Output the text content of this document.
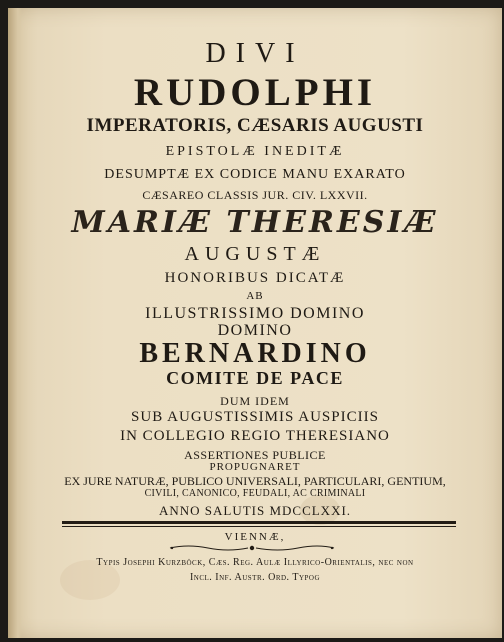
DIVI
RUDOLPHI
IMPERATORIS, CÆSARIS AUGUSTI
EPISTOLÆ INEDITÆ
DESUMPTÆ EX CODICE MANU EXARATO
CÆSAREO CLASSIS JUR. CIV. LXXVII.
MARIÆ THERESIÆ
AUGUSTÆ
HONORIBUS DICATÆ
AB
ILLUSTRISSIMO DOMINO
DOMINO
BERNARDINO
COMITE DE PACE
DUM IDEM
SUB AUGUSTISSIMIS AUSPICIIS
IN COLLEGIO REGIO THERESIANO
ASSERTIONES PUBLICE
PROPUGNARET
EX JURE NATURÆ, PUBLICO UNIVERSALI, PARTICULARI, GENTIUM,
CIVILI, CANONICO, FEUDALI, AC CRIMINALI
ANNO SALUTIS MDCCLXXI.
VIENNÆ,
Typis Josephi Kurzböck, Cæs. Reg. Aulæ Illyrico-Orientalis, nec non
Incl. Inf. Austr. Ord. Typog
